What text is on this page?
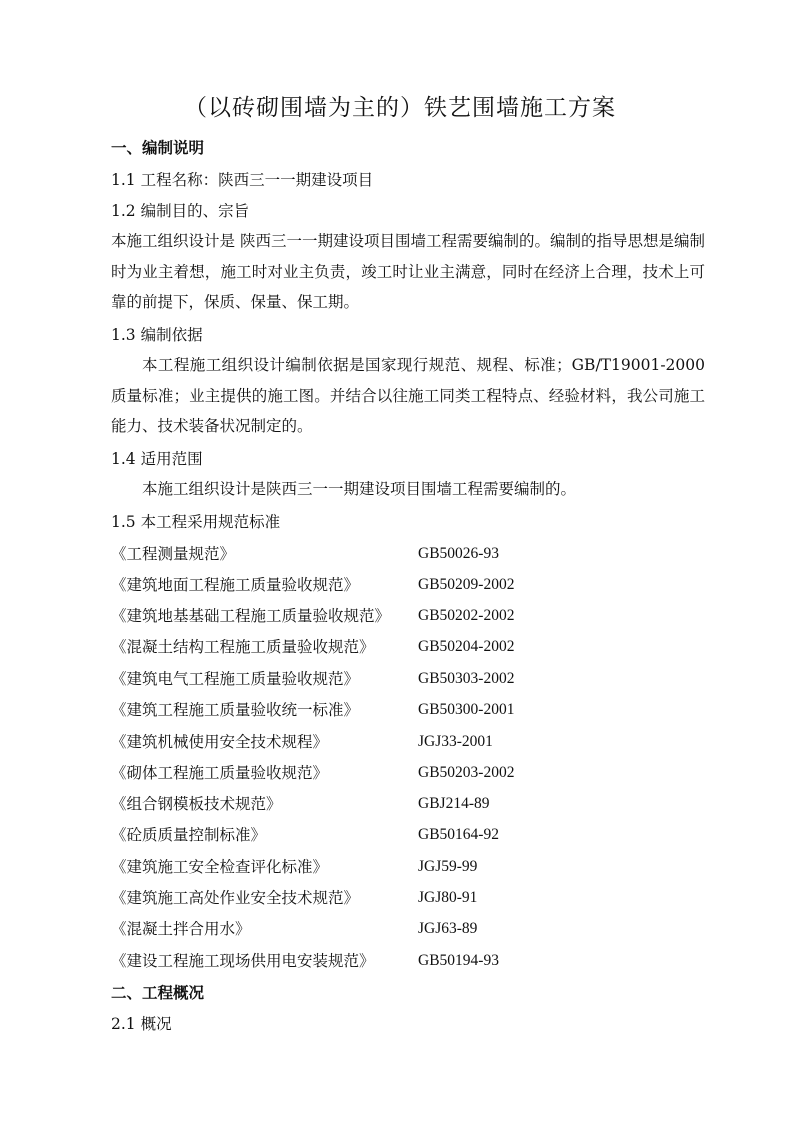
（以砖砌围墙为主的）铁艺围墙施工方案
一、编制说明
1.1 工程名称：陕西三一一期建设项目
1.2 编制目的、宗旨
本施工组织设计是 陕西三一一期建设项目围墙工程需要编制的。编制的指导思想是编制时为业主着想，施工时对业主负责，竣工时让业主满意，同时在经济上合理，技术上可靠的前提下，保质、保量、保工期。
1.3 编制依据
本工程施工组织设计编制依据是国家现行规范、规程、标准；GB/T19001-2000 质量标准；业主提供的施工图。并结合以往施工同类工程特点、经验材料，我公司施工能力、技术装备状况制定的。
1.4 适用范围
本施工组织设计是陕西三一一期建设项目围墙工程需要编制的。
1.5 本工程采用规范标准
《工程测量规范》	GB50026-93
《建筑地面工程施工质量验收规范》	GB50209-2002
《建筑地基基础工程施工质量验收规范》 GB50202-2002
《混凝土结构工程施工质量验收规范》	GB50204-2002
《建筑电气工程施工质量验收规范》	GB50303-2002
《建筑工程施工质量验收统一标准》	GB50300-2001
《建筑机械使用安全技术规程》	JGJ33-2001
《砌体工程施工质量验收规范》	GB50203-2002
《组合钢模板技术规范》	GBJ214-89
《砼质质量控制标准》	GB50164-92
《建筑施工安全检查评化标准》	JGJ59-99
《建筑施工高处作业安全技术规范》	JGJ80-91
《混凝土拌合用水》	JGJ63-89
《建设工程施工现场供用电安装规范》	GB50194-93
二、工程概况
2.1 概况
